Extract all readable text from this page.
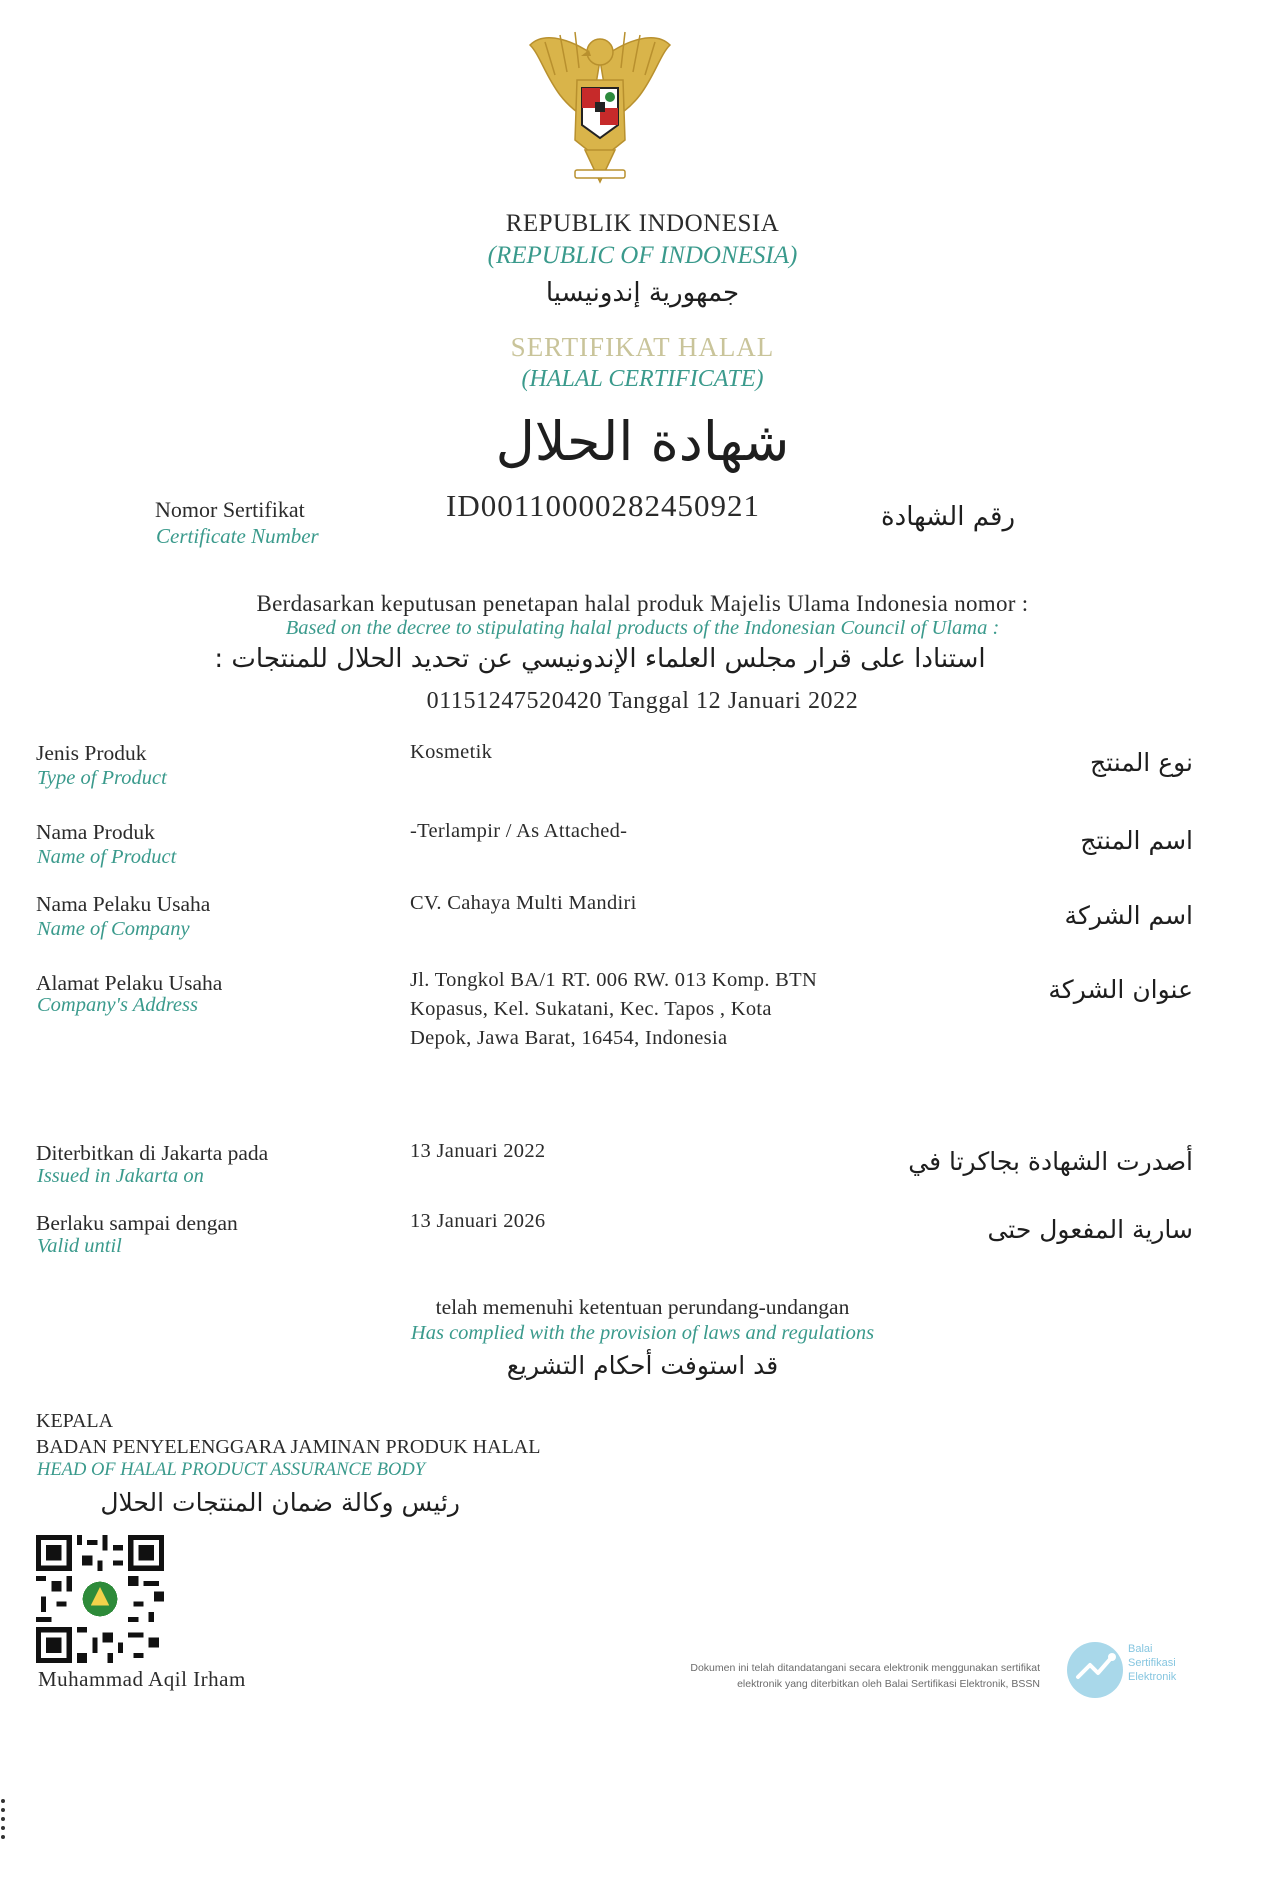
REPUBLIK INDONESIA
(REPUBLIC OF INDONESIA)
جمهورية إندونيسيا
SERTIFIKAT HALAL
(HALAL CERTIFICATE)
شهادة الحلال
Nomor Sertifikat
Certificate Number
ID00110000282450921	رقم الشهادة
Berdasarkan keputusan penetapan halal produk Majelis Ulama Indonesia nomor :
Based on the decree to stipulating halal products of the Indonesian Council of Ulama :
استنادا على قرار مجلس العلماء الإندونيسي عن تحديد الحلال للمنتجات :
01151247520420 Tanggal 12 Januari 2022
Jenis Produk
Type of Product
Kosmetik	نوع المنتج
Nama Produk
Name of Product
-Terlampir / As Attached-	اسم المنتج
Nama Pelaku Usaha
Name of Company
CV. Cahaya Multi Mandiri	اسم الشركة
Alamat Pelaku Usaha
Company's Address
Jl. Tongkol BA/1 RT. 006 RW. 013 Komp. BTN
Kopasus, Kel. Sukatani, Kec. Tapos , Kota
Depok, Jawa Barat, 16454, Indonesia
عنوان الشركة
Diterbitkan di Jakarta pada
Issued in Jakarta on
13 Januari 2022	أصدرت الشهادة بجاكرتا في
Berlaku sampai dengan
Valid until
13 Januari 2026	سارية المفعول حتى
telah memenuhi ketentuan perundang-undangan
Has complied with the provision of laws and regulations
قد استوفت أحكام التشريع
KEPALA
BADAN PENYELENGGARA JAMINAN PRODUK HALAL
HEAD OF HALAL PRODUCT ASSURANCE BODY
رئيس وكالة ضمان المنتجات الحلال
Muhammad Aqil Irham	Dokumen ini telah ditandatangani secara elektronik menggunakan sertifikat
elektronik yang diterbitkan oleh Balai Sertifikasi Elektronik, BSSN
Balai
Sertifikasi
Elektronik
